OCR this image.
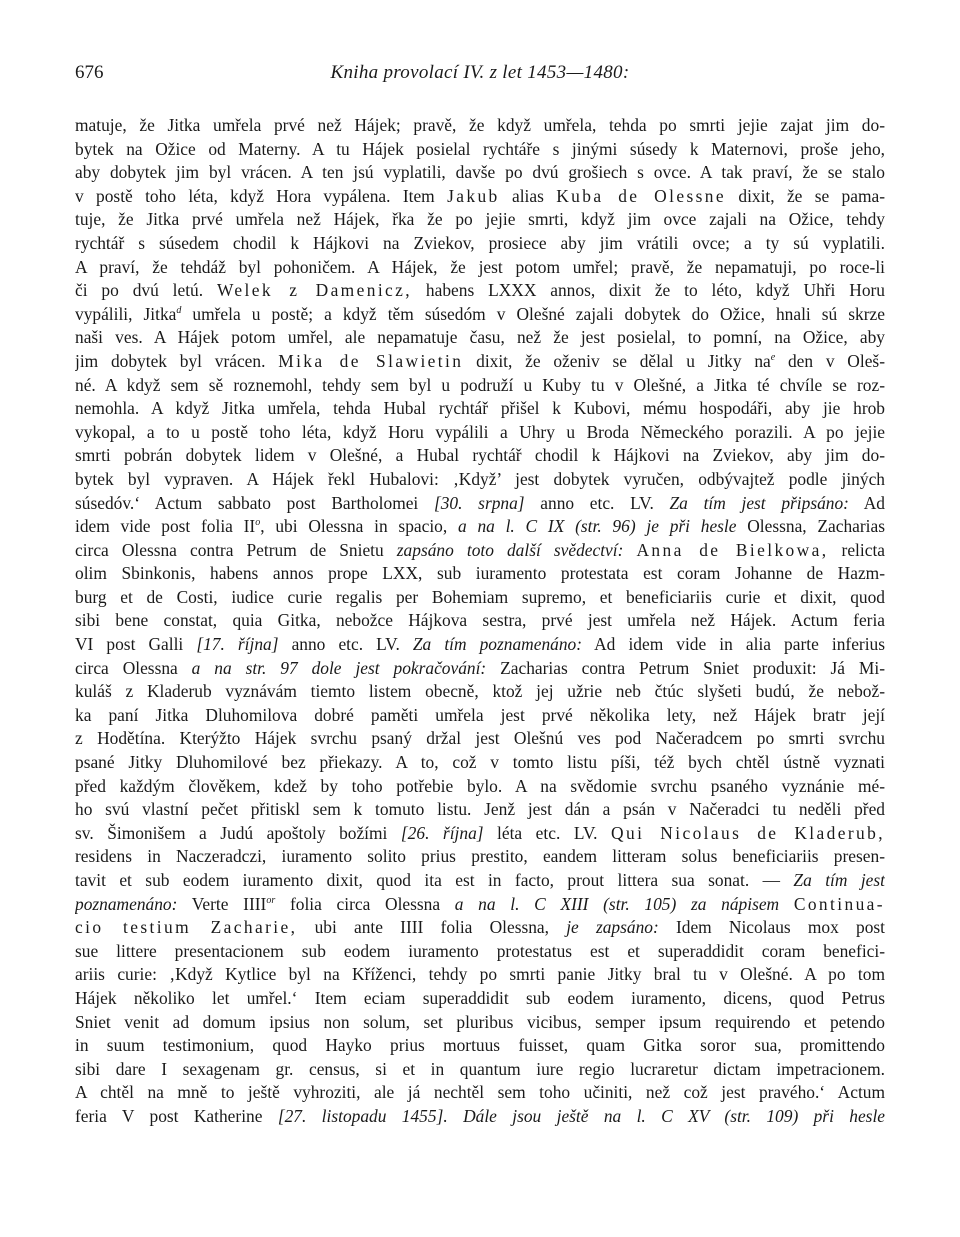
676	Kniha provolací IV. z let 1453—1480:
matuje, že Jitka umřela prvé než Hájek; pravě, že když umřela, tehda po smrti jejie zajat jim do-
bytek na Ožice od Materny. A tu Hájek posielal rychtáře s jinými súsedy k Maternovi, proše jeho,
aby dobytek jim byl vrácen. A ten jsú vyplatili, davše po dvú grošiech s ovce. A tak praví, že se stalo
v postě toho léta, když Hora vypálena. Item Jakub alias Kuba de Olessne dixit, že se pama-
tuje, že Jitka prvé umřela než Hájek, řka že po jejie smrti, když jim ovce zajali na Ožice, tehdy
rychtář s súsedem chodil k Hájkovi na Zviekov, prosiece aby jim vrátili ovce; a ty sú vyplatili.
A praví, že tehdáž byl pohoničem. A Hájek, že jest potom umřel; pravě, že nepamatuji, po roce-li
či po dvú letú. Welek z Damenicz, habens LXXX annos, dixit že to léto, když Uhři Horu
vypálili, Jitka$^d$ umřela u postě; a když těm súsedóm v Olešné zajali dobytek do Ožice, hnali sú skrze
naši ves. A Hájek potom umřel, ale nepamatuje času, než že jest posielal, to pomní, na Ožice, aby
jim dobytek byl vrácen. Mika de Slawietin dixit, že oženiv se dělal u Jitky $na^e$ den v Oleš-
né. A když sem sě roznemohl, tehdy sem byl u podruží u Kuby tu v Olešné, a Jitka té chvíle se roz-
nemohla. A když Jitka umřela, tehda Hubal rychtář přišel k Kubovi, mému hospodáři, aby jie hrob
vykopal, a to u postě toho léta, když Horu vypálili a Uhry u Broda Německého porazili. A po jejie
smrti pobrán dobytek lidem v Olešné, a Hubal rychtář chodil k Hájkovi na Zviekov, aby jim do-
bytek byl vypraven. A Hájek řekl Hubalovi: ‚Když’ jest dobytek vyručen, odbývajtež podle jiných
súsedóv.‘ Actum sabbato post Bartholomei [30. srpna] anno etc. LV. Za tím jest připsáno: Ad
idem vide post folia $II^o$, ubi Olessna in spacio, a na l. C IX (str. 96) je při hesle Olessna, Zacharias
circa Olessna contra Petrum de Snietu zapsáno toto další svědectví: Anna de Bielkowa, relicta
olim Sbinkonis, habens annos prope LXX, sub iuramento protestata est coram Johanne de Hazm-
burg et de Costi, iudice curie regalis per Bohemiam supremo, et beneficiariis curie et dixit, quod
sibi bene constat, quia Gitka, nebožce Hájkova sestra, prvé jest umřela než Hájek. Actum feria
VI post Galli [17. října] anno etc. LV. Za tím poznamenáno: Ad idem vide in alia parte inferius
circa Olessna a na str. 97 dole jest pokračování: Zacharias contra Petrum Sniet produxit: Já Mi-
kuláš z Kladerub vyznávám tiemto listem obecně, ktož jej užrie neb čtúc slyšeti budú, že nebož-
ka paní Jitka Dluhomilova dobré paměti umřela jest prvé několika lety, než Hájek bratr její
z Hodětína. Kterýžto Hájek svrchu psaný držal jest Olešnú ves pod Načeradcem po smrti svrchu
psané Jitky Dluhomilové bez přiekazy. A to, což v tomto listu píši, též bych chtěl ústně vyznati
před každým člověkem, kdež by toho potřebie bylo. A na svědomie svrchu psaného vyznánie mé-
ho svú vlastní pečet přitiskl sem k tomuto listu. Jenž jest dán a psán v Načeradci tu neděli před
sv. Šimonišem a Judú apoštoly božími [26. října] léta etc. LV. Qui Nicolaus de Kladerub,
residens in Naczeradczi, iuramento solito prius prestito, eandem litteram solus beneficiariis presen-
tavit et sub eodem iuramento dixit, quod ita est in facto, prout littera sua sonat. — Za tím jest
poznamenáno: Verte $IIII^{or}$ folia circa Olessna a na l. C XIII (str. 105) za nápisem Continua-
cio testium Zacharie, ubi ante IIII folia Olessna, je zapsáno: Idem Nicolaus mox post
sue littere presentacionem sub eodem iuramento protestatus est et superaddidit coram benefici-
ariis curie: ‚Když Kytlice byl na Kříženci, tehdy po smrti panie Jitky bral tu v Olešné. A po tom
Hájek několiko let umřel.‘ Item eciam superaddidit sub eodem iuramento, dicens, quod Petrus
Sniet venit ad domum ipsius non solum, set pluribus vicibus, semper ipsum requirendo et petendo
in suum testimonium, quod Hayko prius mortuus fuisset, quam Gitka soror sua, promittendo
sibi dare I sexagenam gr. census, si et in quantum iure regio lucraretur dictam impetracionem.
A chtěl na mně to ještě vyhroziti, ale já nechtěl sem toho učiniti, než což jest pravého.‘ Actum
feria V post Katherine [27. listopadu 1455]. Dále jsou ještě na l. C XV (str. 109) při hesle
